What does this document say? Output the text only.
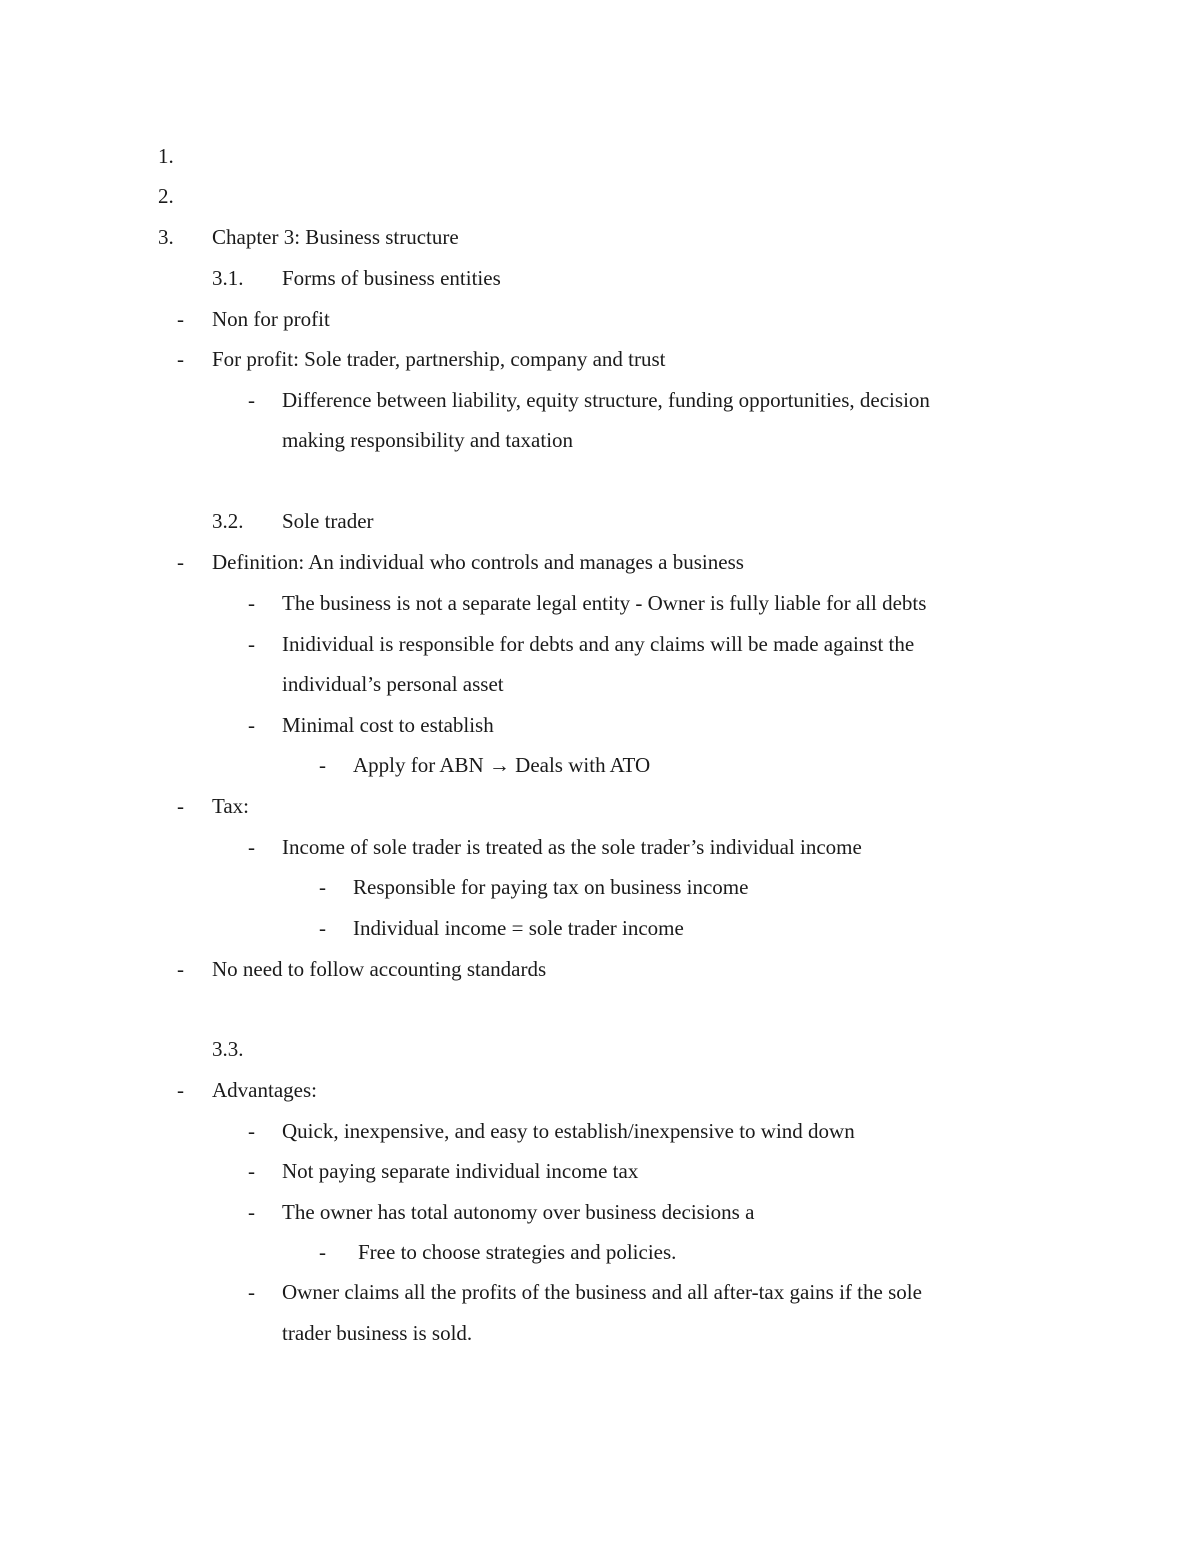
1.
2.
3. Chapter 3: Business structure
3.1. Forms of business entities
- Non for profit
- For profit: Sole trader, partnership, company and trust
- Difference between liability, equity structure, funding opportunities, decision
making responsibility and taxation
3.2. Sole trader
- Definition: An individual who controls and manages a business
- The business is not a separate legal entity - Owner is fully liable for all debts
- Inidividual is responsible for debts and any claims will be made against the
individual’s personal asset
- Minimal cost to establish
- Apply for ABN → Deals with ATO
- Tax:
- Income of sole trader is treated as the sole trader’s individual income
- Responsible for paying tax on business income
- Individual income = sole trader income
- No need to follow accounting standards
3.3.
- Advantages:
- Quick, inexpensive, and easy to establish/inexpensive to wind down
- Not paying separate individual income tax
- The owner has total autonomy over business decisions a
- Free to choose strategies and policies.
- Owner claims all the profits of the business and all after-tax gains if the sole
trader business is sold.
